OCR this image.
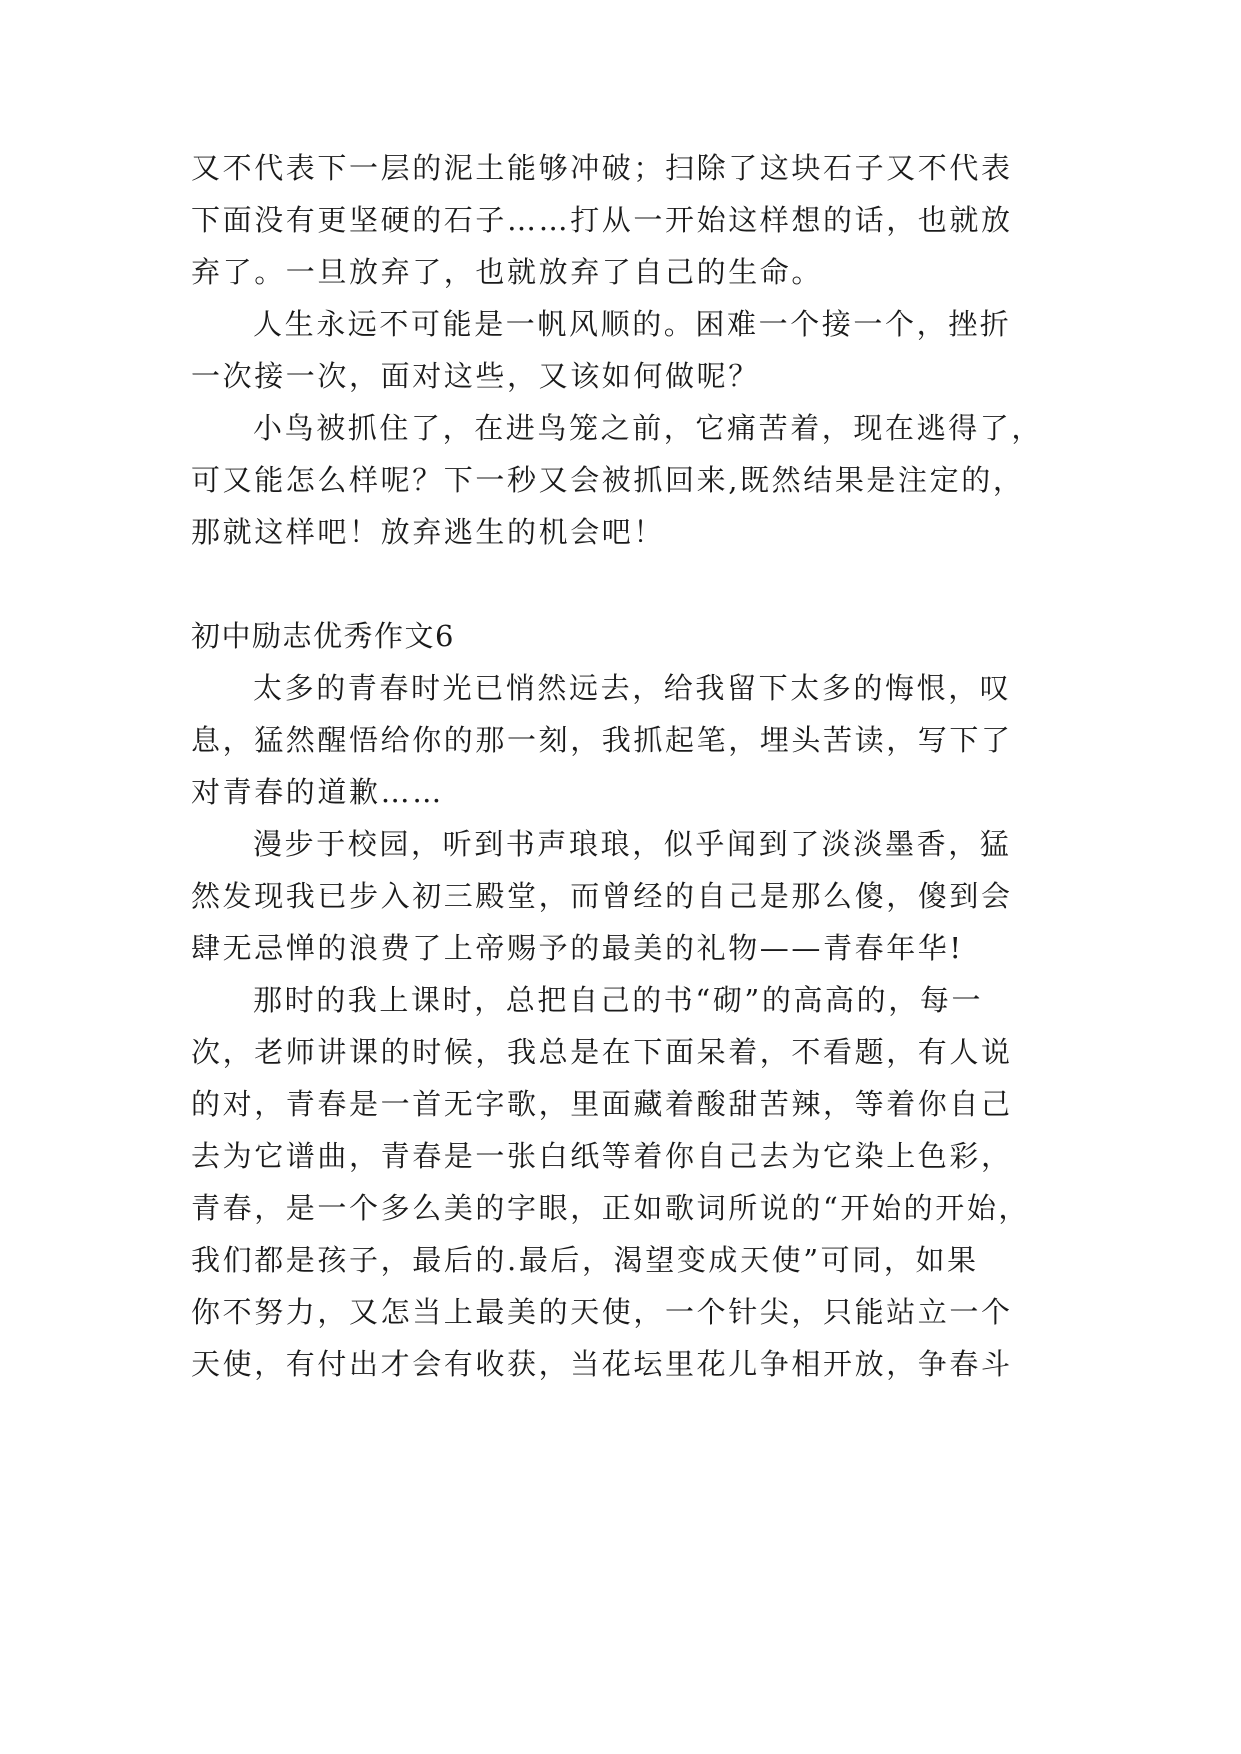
又不代表下一层的泥土能够冲破；扫除了这块石子又不代表
下面没有更坚硬的石子……打从一开始这样想的话，也就放
弃了。一旦放弃了，也就放弃了自己的生命。
人生永远不可能是一帆风顺的。困难一个接一个，挫折
一次接一次，面对这些，又该如何做呢？
小鸟被抓住了，在进鸟笼之前，它痛苦着，现在逃得了，
可又能怎么样呢？下一秒又会被抓回来,既然结果是注定的，
那就这样吧！放弃逃生的机会吧！
初中励志优秀作文6
太多的青春时光已悄然远去，给我留下太多的悔恨，叹
息，猛然醒悟给你的那一刻，我抓起笔，埋头苦读，写下了
对青春的道歉……
漫步于校园，听到书声琅琅，似乎闻到了淡淡墨香，猛
然发现我已步入初三殿堂，而曾经的自己是那么傻，傻到会
肆无忌惮的浪费了上帝赐予的最美的礼物——青春年华!
那时的我上课时，总把自己的书“砌”的高高的，每一
次，老师讲课的时候，我总是在下面呆着，不看题，有人说
的对，青春是一首无字歌，里面藏着酸甜苦辣，等着你自己
去为它谱曲，青春是一张白纸等着你自己去为它染上色彩，
青春，是一个多么美的字眼，正如歌词所说的“开始的开始，
我们都是孩子，最后的.最后，渴望变成天使”可同，如果
你不努力，又怎当上最美的天使，一个针尖，只能站立一个
天使，有付出才会有收获，当花坛里花儿争相开放，争春斗
